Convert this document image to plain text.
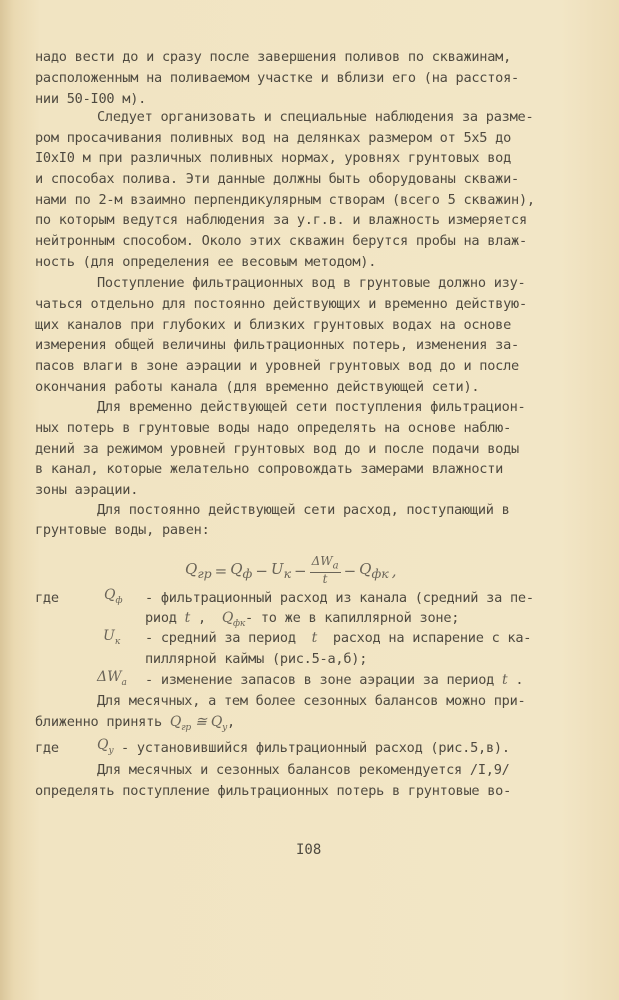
надо вести до и сразу после завершения поливов по скважинам,
расположенным на поливаемом участке и вблизи его (на расстоя-
нии 50-I00 м).
Следует организовать и специальные наблюдения за разме-
ром просачивания поливных вод на делянках размером от 5х5 до
I0хI0 м при различных поливных нормах, уровнях грунтовых вод
и способах полива. Эти данные должны быть оборудованы скважи-
нами по 2-м взаимно перпендикулярным створам (всего 5 скважин),
по которым ведутся наблюдения за у.г.в. и влажность измеряется
нейтронным способом. Около этих скважин берутся пробы на влаж-
ность (для определения ее весовым методом).
Поступление фильтрационных вод в грунтовые должно изу-
чаться отдельно для постоянно действующих и временно действую-
щих каналов при глубоких и близких грунтовых водах на основе
измерения общей величины фильтрационных потерь, изменения за-
пасов влаги в зоне аэрации и уровней грунтовых вод до и после
окончания работы канала (для временно действующей сети).
Для временно действующей сети поступления фильтрацион-
ных потерь в грунтовые воды надо определять на основе наблю-
дений за режимом уровней грунтовых вод до и после подачи воды
в канал, которые желательно сопровождать замерами влажности
зоны аэрации.
Для постоянно действующей сети расход, поступающий в
грунтовые воды, равен:
$Q_{гр} = Q_ф - U_к - \frac{\Delta W_a}{t} - Q_{фк}$ ,
где	$Q_ф$ - фильтрационный расход из канала (средний за пе-
риод t ,  $Q_{фк}-$ то же в капиллярной зоне;
$U_к$ - средний за период  t  расход на испарение с ка-
пиллярной каймы (рис.5-а,б);
$\Delta W_a$ - изменение запасов в зоне аэрации за период t .
Для месячных, а тем более сезонных балансов можно при-
ближенно принять $Q_{гр}$ ≅ $Q_у$,
где	$Q_у$ - установившийся фильтрационный расход (рис.5,в).
Для месячных и сезонных балансов рекомендуется /I,9/
определять поступление фильтрационных потерь в грунтовые во-
I08
